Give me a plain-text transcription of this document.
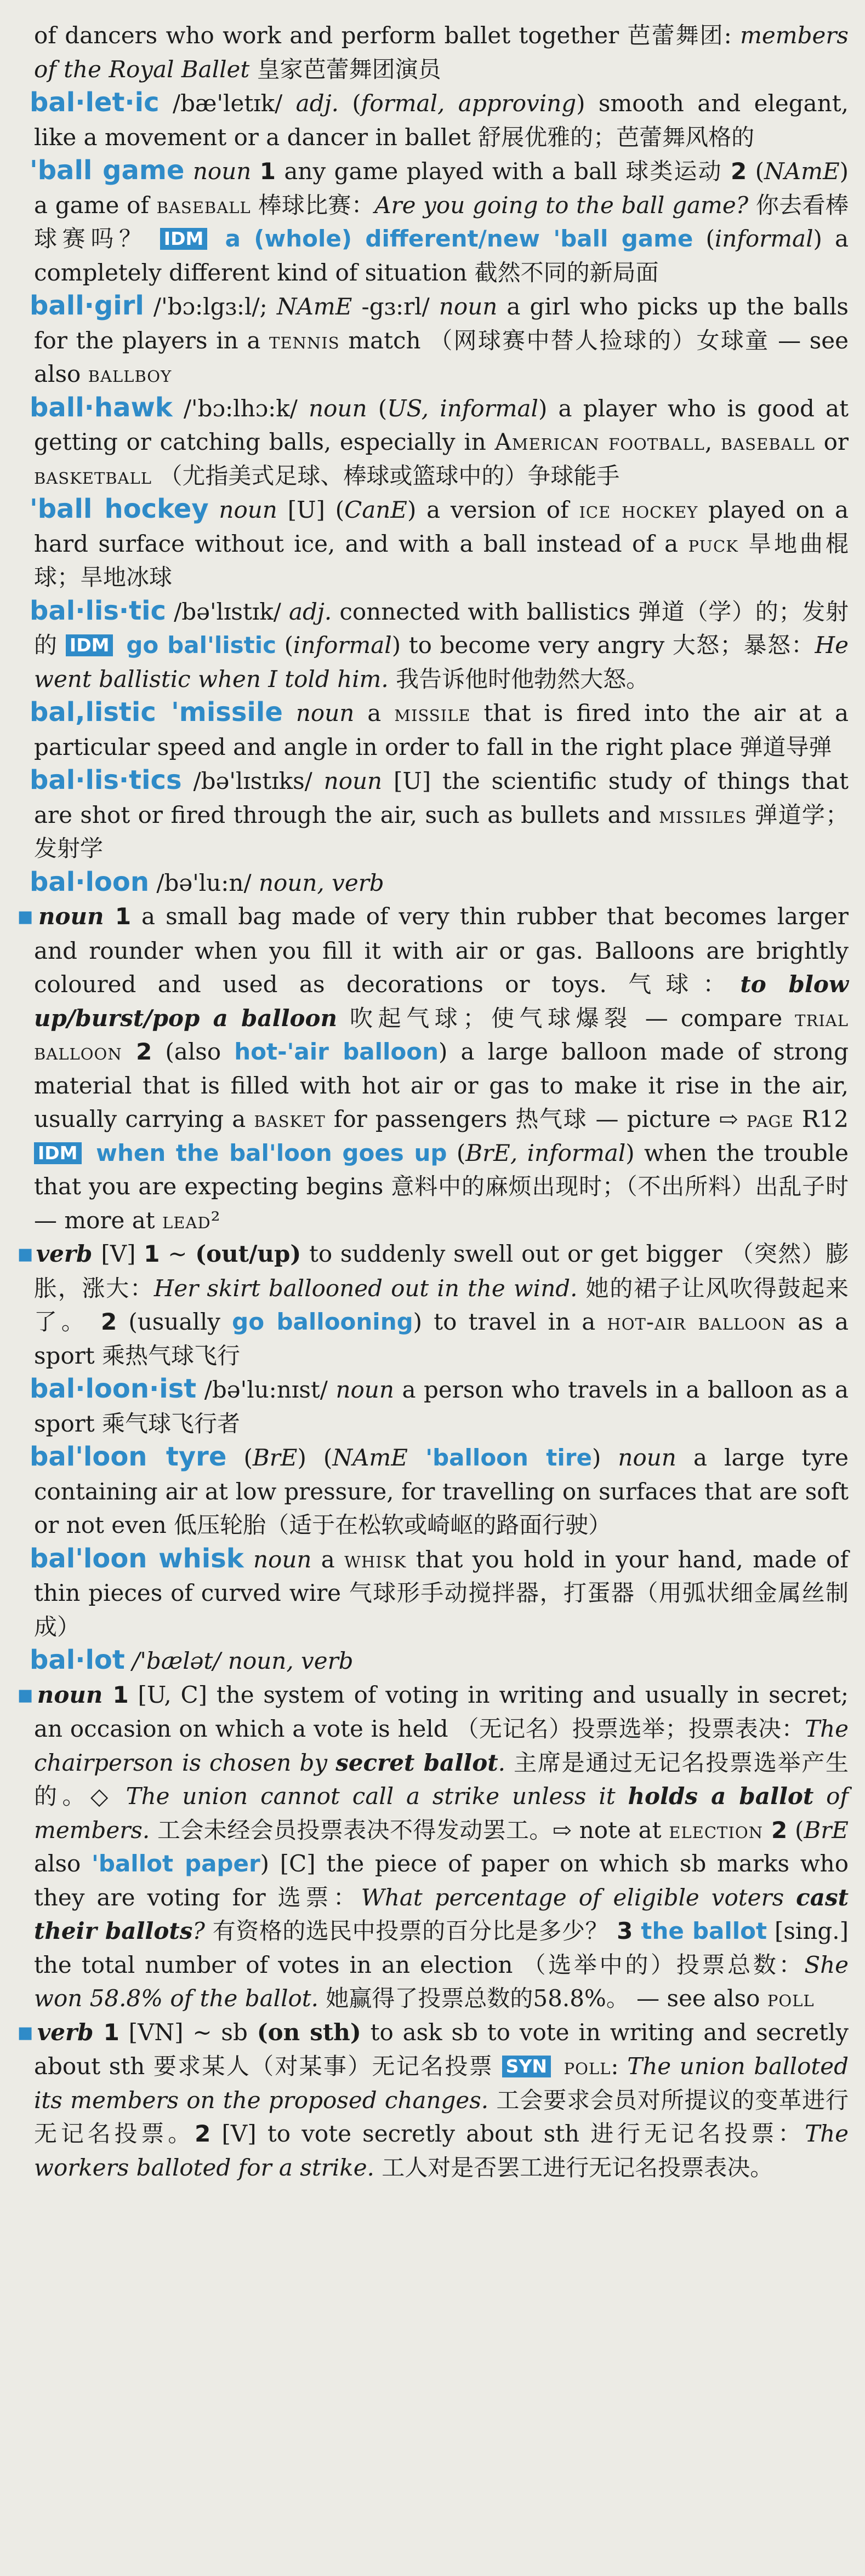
of dancers who work and perform ballet together 芭蕾舞团: members of the Royal Ballet 皇家芭蕾舞团演员

bal·let·ic /bæ'letɪk/ adj. (formal, approving) smooth and elegant, like a movement or a dancer in ballet 舒展优雅的；芭蕾舞风格的

'ball game noun 1 any game played with a ball 球类运动 2 (NAmE) a game of baseball 棒球比赛：Are you going to the ball game? 你去看棒球赛吗？ IDM a (whole) different/new 'ball game (informal) a completely different kind of situation 截然不同的新局面

ball·girl /'bɔ:lgɜ:l/; NAmE -gɜ:rl/ noun a girl who picks up the balls for the players in a tennis match （网球赛中替人捡球的）女球童 — see also ballboy

ball·hawk /'bɔ:lhɔ:k/ noun (US, informal) a player who is good at getting or catching balls, especially in American football, baseball or basketball （尤指美式足球、棒球或篮球中的）争球能手

'ball hockey noun [U] (CanE) a version of ice hockey played on a hard surface without ice, and with a ball instead of a puck 旱地曲棍球；旱地冰球

bal·lis·tic /bə'lɪstɪk/ adj. connected with ballistics 弹道（学）的；发射的 IDM go bal'listic (informal) to become very angry 大怒；暴怒：He went ballistic when I told him. 我告诉他时他勃然大怒。

bal,listic 'missile noun a missile that is fired into the air at a particular speed and angle in order to fall in the right place 弹道导弹

bal·lis·tics /bə'lɪstɪks/ noun [U] the scientific study of things that are shot or fired through the air, such as bullets and missiles 弹道学；发射学

bal·loon /bə'lu:n/ noun, verb

■noun 1 a small bag made of very thin rubber that becomes larger and rounder when you fill it with air or gas. Balloons are brightly coloured and used as decorations or toys. 气球：to blow up/burst/pop a balloon 吹起气球；使气球爆裂 — compare trial balloon 2 (also hot-'air balloon) a large balloon made of strong material that is filled with hot air or gas to make it rise in the air, usually carrying a basket for passengers 热气球 — picture ⇨ page R12 IDM when the bal'loon goes up (BrE, informal) when the trouble that you are expecting begins 意料中的麻烦出现时；（不出所料）出乱子时 — more at lead²

■verb [V] 1 ~ (out/up) to suddenly swell out or get bigger （突然）膨胀，涨大：Her skirt ballooned out in the wind. 她的裙子让风吹得鼓起来了。 2 (usually go ballooning) to travel in a hot-air balloon as a sport 乘热气球飞行

bal·loon·ist /bə'lu:nɪst/ noun a person who travels in a balloon as a sport 乘气球飞行者

bal'loon tyre (BrE) (NAmE 'balloon tire) noun a large tyre containing air at low pressure, for travelling on surfaces that are soft or not even 低压轮胎（适于在松软或崎岖的路面行驶）

bal'loon whisk noun a whisk that you hold in your hand, made of thin pieces of curved wire 气球形手动搅拌器，打蛋器（用弧状细金属丝制成）

bal·lot /'bælət/ noun, verb

■noun 1 [U, C] the system of voting in writing and usually in secret; an occasion on which a vote is held （无记名）投票选举；投票表决：The chairperson is chosen by secret ballot. 主席是通过无记名投票选举产生的。◇ The union cannot call a strike unless it holds a ballot of members. 工会未经会员投票表决不得发动罢工。⇨ note at election 2 (BrE also 'ballot paper) [C] the piece of paper on which sb marks who they are voting for 选票：What percentage of eligible voters cast their ballots? 有资格的选民中投票的百分比是多少？ 3 the ballot [sing.] the total number of votes in an election （选举中的）投票总数：She won 58.8% of the ballot. 她赢得了投票总数的58.8%。 — see also poll

■verb 1 [VN] ~ sb (on sth) to ask sb to vote in writing and secretly about sth 要求某人（对某事）无记名投票 SYN poll: The union balloted its members on the proposed changes. 工会要求会员对所提议的变革进行无记名投票。2 [V] to vote secretly about sth 进行无记名投票：The workers balloted for a strike. 工人对是否罢工进行无记名投票表决。
